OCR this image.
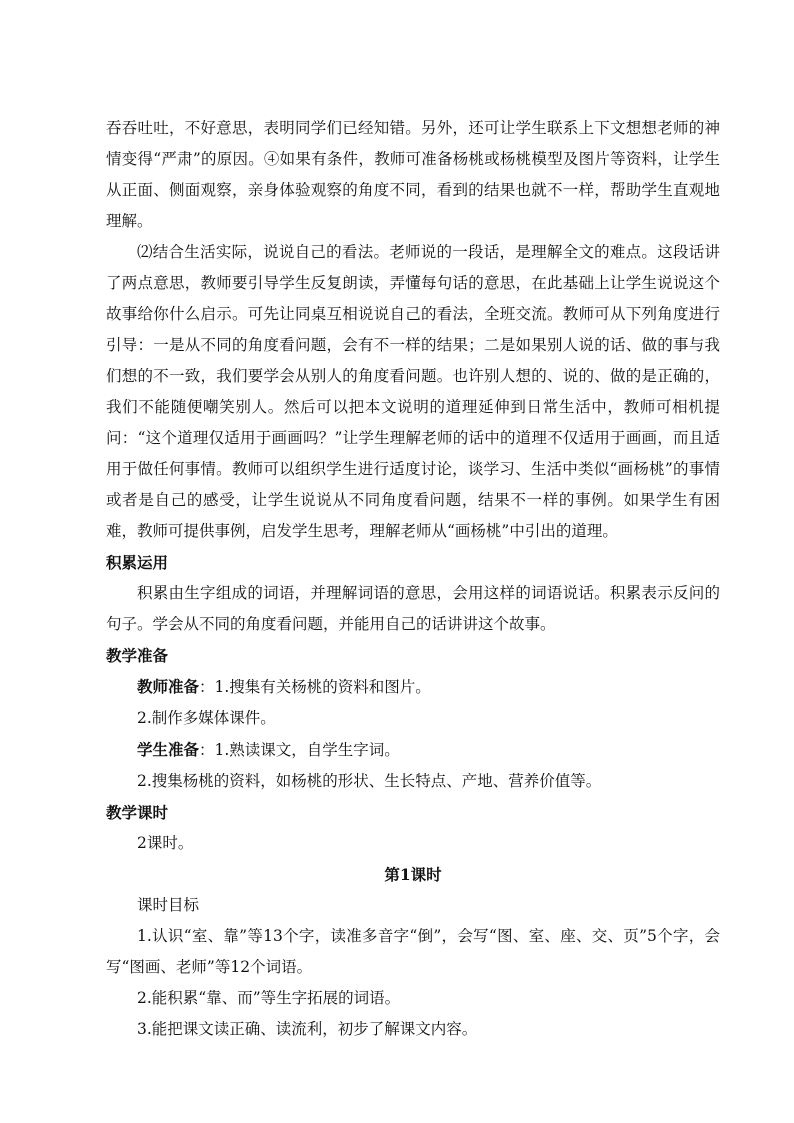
吞吞吐吐，不好意思，表明同学们已经知错。另外，还可让学生联系上下文想想老师的神情变得“严肃”的原因。④如果有条件，教师可准备杨桃或杨桃模型及图片等资料，让学生从正面、侧面观察，亲身体验观察的角度不同，看到的结果也就不一样，帮助学生直观地理解。

⑵结合生活实际，说说自己的看法。老师说的一段话，是理解全文的难点。这段话讲了两点意思，教师要引导学生反复朗读，弄懂每句话的意思，在此基础上让学生说说这个故事给你什么启示。可先让同桌互相说说自己的看法，全班交流。教师可从下列角度进行引导：一是从不同的角度看问题，会有不一样的结果；二是如果别人说的话、做的事与我们想的不一致，我们要学会从别人的角度看问题。也许别人想的、说的、做的是正确的，我们不能随便嘲笑别人。然后可以把本文说明的道理延伸到日常生活中，教师可相机提问：“这个道理仅适用于画画吗？”让学生理解老师的话中的道理不仅适用于画画，而且适用于做任何事情。教师可以组织学生进行适度讨论，谈学习、生活中类似“画杨桃”的事情或者是自己的感受，让学生说说从不同角度看问题，结果不一样的事例。如果学生有困难，教师可提供事例，启发学生思考，理解老师从“画杨桃”中引出的道理。

积累运用

积累由生字组成的词语，并理解词语的意思，会用这样的词语说话。积累表示反问的句子。学会从不同的角度看问题，并能用自己的话讲讲这个故事。

教学准备

教师准备：1.搜集有关杨桃的资料和图片。

2.制作多媒体课件。

学生准备：1.熟读课文，自学生字词。

2.搜集杨桃的资料，如杨桃的形状、生长特点、产地、营养价值等。

教学课时

2课时。

第1课时

课时目标

1.认识“室、靠”等13个字，读准多音字“倒”，会写“图、室、座、交、页”5个字，会写“图画、老师”等12个词语。

2.能积累“靠、而”等生字拓展的词语。

3.能把课文读正确、读流利，初步了解课文内容。
